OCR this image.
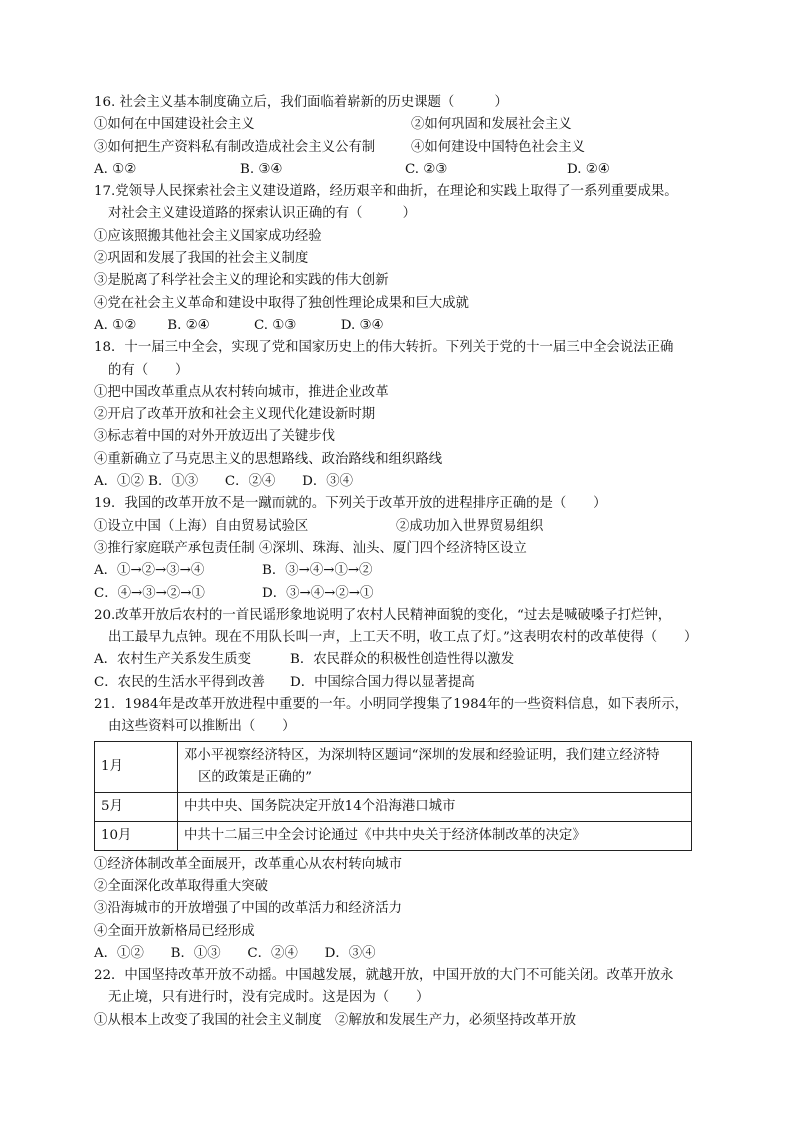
16. 社会主义基本制度确立后，我们面临着崭新的历史课题（　　　）
①如何在中国建设社会主义	②如何巩固和发展社会主义
③如何把生产资料私有制改造成社会主义公有制	④如何建设中国特色社会主义
A. ①②	B. ③④	C. ②③	D. ②④
17.党领导人民探索社会主义建设道路，经历艰辛和曲折，在理论和实践上取得了一系列重要成果。
对社会主义建设道路的探索认识正确的有（　　　）
①应该照搬其他社会主义国家成功经验
②巩固和发展了我国的社会主义制度
③是脱离了科学社会主义的理论和实践的伟大创新
④党在社会主义革命和建设中取得了独创性理论成果和巨大成就
A. ①②　　 B. ②④　　　 C. ①③　　　 D. ③④
18．十一届三中全会，实现了党和国家历史上的伟大转折。下列关于党的十一届三中全会说法正确
的有（　　）
①把中国改革重点从农村转向城市，推进企业改革
②开启了改革开放和社会主义现代化建设新时期
③标志着中国的对外开放迈出了关键步伐
④重新确立了马克思主义的思想路线、政治路线和组织路线
A．①② B．①③　　C．②④　　D．③④
19．我国的改革开放不是一蹴而就的。下列关于改革开放的进程排序正确的是（　　）
①设立中国（上海）自由贸易试验区	②成功加入世界贸易组织
③推行家庭联产承包责任制 ④深圳、珠海、汕头、厦门四个经济特区设立
A．①→②→③→④	B．③→④→①→②
C．④→③→②→①	D．③→④→②→①
20.改革开放后农村的一首民谣形象地说明了农村人民精神面貌的变化，“过去是喊破嗓子打烂钟，
出工最早九点钟。现在不用队长叫一声，上工天不明，收工点了灯。”这表明农村的改革使得（　　）
A．农村生产关系发生质变	B．农民群众的积极性创造性得以激发
C．农民的生活水平得到改善 D．中国综合国力得以显著提高
21．1984年是改革开放进程中重要的一年。小明同学搜集了1984年的一些资料信息，如下表所示，
由这些资料可以推断出（　　）
1月	邓小平视察经济特区，为深圳特区题词“深圳的发展和经验证明，我们建立经济特
区的政策是正确的”

5月	中共中央、国务院决定开放14个沿海港口城市
10月	中共十二届三中全会讨论通过《中共中央关于经济体制改革的决定》
①经济体制改革全面展开，改革重心从农村转向城市
②全面深化改革取得重大突破
③沿海城市的开放增强了中国的改革活力和经济活力
④全面开放新格局已经形成
A．①②　　B．①③　　C．②④　　D．③④
22．中国坚持改革开放不动摇。中国越发展，就越开放，中国开放的大门不可能关闭。改革开放永
无止境，只有进行时，没有完成时。这是因为（　　）
①从根本上改变了我国的社会主义制度　②解放和发展生产力，必须坚持改革开放
